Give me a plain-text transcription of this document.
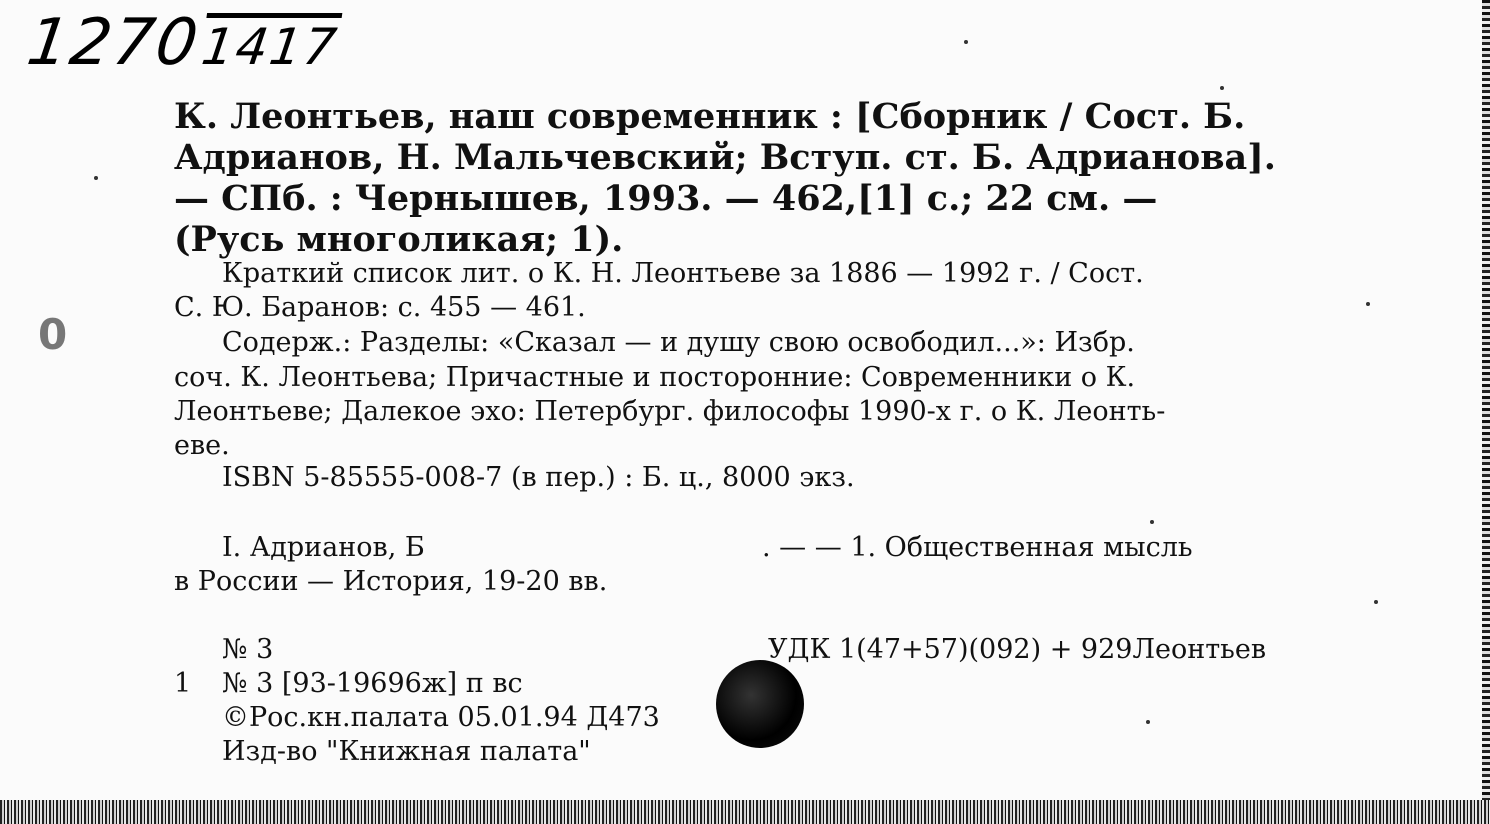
12701417
0
К. Леонтьев, наш современник : [Сборник / Сост. Б.
Адрианов, Н. Мальчевский; Вступ. ст. Б. Адрианова].
— СПб. : Чернышев, 1993. — 462,[1] с.; 22 см. —
(Русь многоликая; 1).
Краткий список лит. о К. Н. Леонтьеве за 1886 — 1992 г. / Сост.
С. Ю. Баранов: с. 455 — 461.
Содерж.: Разделы: «Сказал — и душу свою освободил...»: Избр.
соч. К. Леонтьева; Причастные и посторонние: Современники о К.
Леонтьеве; Далекое эхо: Петербург. философы 1990-х г. о К. Леонть-
еве.
ISBN 5-85555-008-7 (в пер.) : Б. ц., 8000 экз.
I. Адрианов, Б	. — — 1. Общественная мысль
в России — История, 19-20 вв.
№ 3	УДК 1(47+57)(092) + 929Леонтьев
1 № 3 [93-19696ж] п вс
©Рос.кн.палата 05.01.94 Д473
Изд-во "Книжная палата"
